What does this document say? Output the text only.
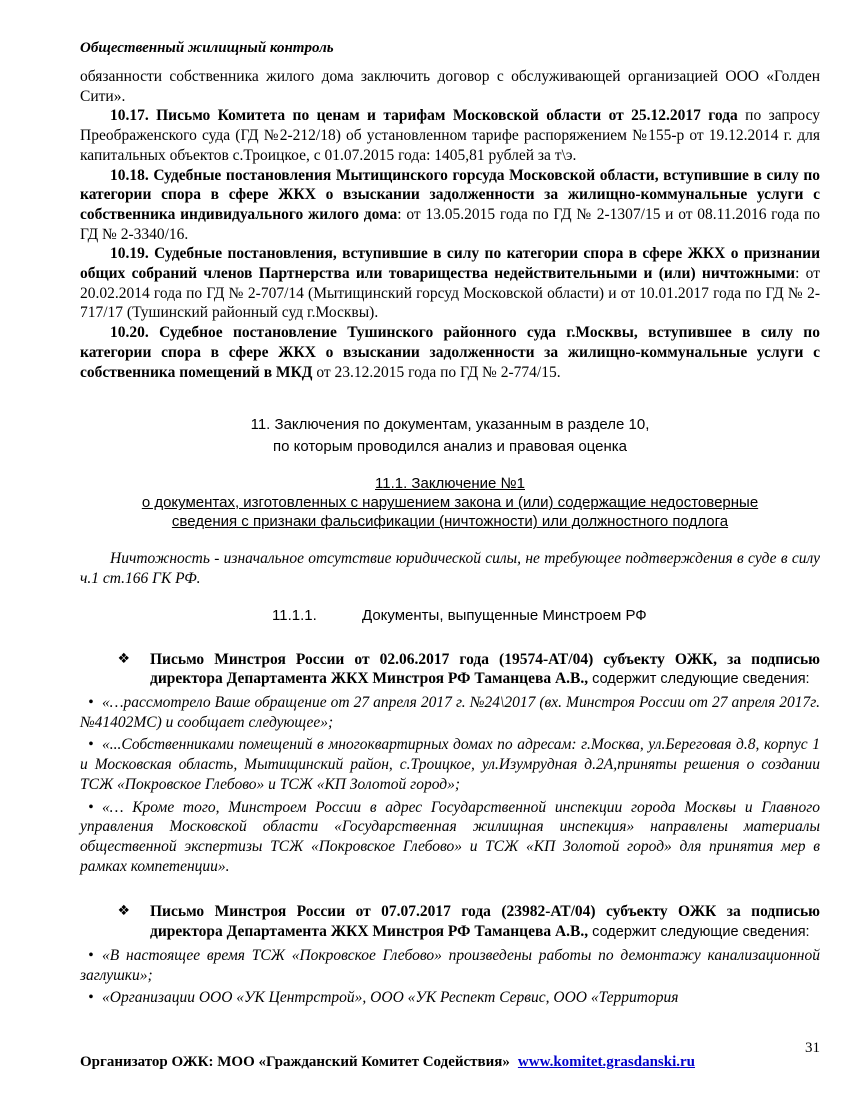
Общественный жилищный контроль

обязанности собственника жилого дома заключить договор с обслуживающей организацией ООО «Голден Сити».

10.17. Письмо Комитета по ценам и тарифам Московской области от 25.12.2017 года по запросу Преображенского суда (ГД №2-212/18) об установленном тарифе распоряжением №155-р от 19.12.2014 г. для капитальных объектов с.Троицкое, с 01.07.2015 года: 1405,81 рублей за т\э.

10.18. Судебные постановления Мытищинского горсуда Московской области, вступившие в силу по категории спора в сфере ЖКХ о взыскании задолженности за жилищно-коммунальные услуги с собственника индивидуального жилого дома: от 13.05.2015 года по ГД № 2-1307/15 и от 08.11.2016 года по ГД № 2-3340/16.

10.19. Судебные постановления, вступившие в силу по категории спора в сфере ЖКХ о признании общих собраний членов Партнерства или товарищества недействительными и (или) ничтожными: от 20.02.2014 года по ГД № 2-707/14 (Мытищинский горсуд Московской области) и от 10.01.2017 года по ГД № 2-717/17 (Тушинский районный суд г.Москвы).

10.20. Судебное постановление Тушинского районного суда г.Москвы, вступившее в силу по категории спора в сфере ЖКХ о взыскании задолженности за жилищно-коммунальные услуги с собственника помещений в МКД от 23.12.2015 года по ГД № 2-774/15.

11. Заключения по документам, указанным в разделе 10,
по которым проводился анализ и правовая оценка
11.1. Заключение №1
о документах, изготовленных с нарушением закона и (или) содержащие недостоверные
сведения с признаки фальсификации (ничтожности) или должностного подлога

Ничтожность - изначальное отсутствие юридической силы, не требующее подтверждения в суде в силу ч.1 ст.166 ГК РФ.

11.1.1.	Документы, выпущенные Минстроем РФ
❖	Письмо Минстроя России от 02.06.2017 года (19574-АТ/04) субъекту ОЖК, за подписью директора Департамента ЖКХ Минстроя РФ Таманцева А.В., содержит следующие сведения:
• «…рассмотрело Ваше обращение от 27 апреля 2017 г. №24\2017 (вх. Минстроя России от 27 апреля 2017г. №41402МС) и сообщает следующее»;
• «...Собственниками помещений в многоквартирных домах по адресам: г.Москва, ул.Береговая д.8, корпус 1 и Московская область, Мытищинский район, с.Троицкое, ул.Изумрудная д.2А,приняты решения о создании ТСЖ «Покровское Глебово» и ТСЖ «КП Золотой город»;
• «… Кроме того, Минстроем России в адрес Государственной инспекции города Москвы и Главного управления Московской области «Государственная жилищная инспекция» направлены материалы общественной экспертизы ТСЖ «Покровское Глебово» и ТСЖ «КП Золотой город» для принятия мер в рамках компетенции».
❖	Письмо Минстроя России от 07.07.2017 года (23982-АТ/04) субъекту ОЖК за подписью директора Департамента ЖКХ Минстроя РФ Таманцева А.В., содержит следующие сведения:
• «В настоящее время ТСЖ «Покровское Глебово» произведены работы по демонтажу канализационной заглушки»;
• «Организации ООО «УК Центрстрой», ООО «УК Респект Сервис, ООО «Территория
31
Организатор ОЖК: МОО «Гражданский Комитет Содействия» www.komitet.grasdanski.ru
